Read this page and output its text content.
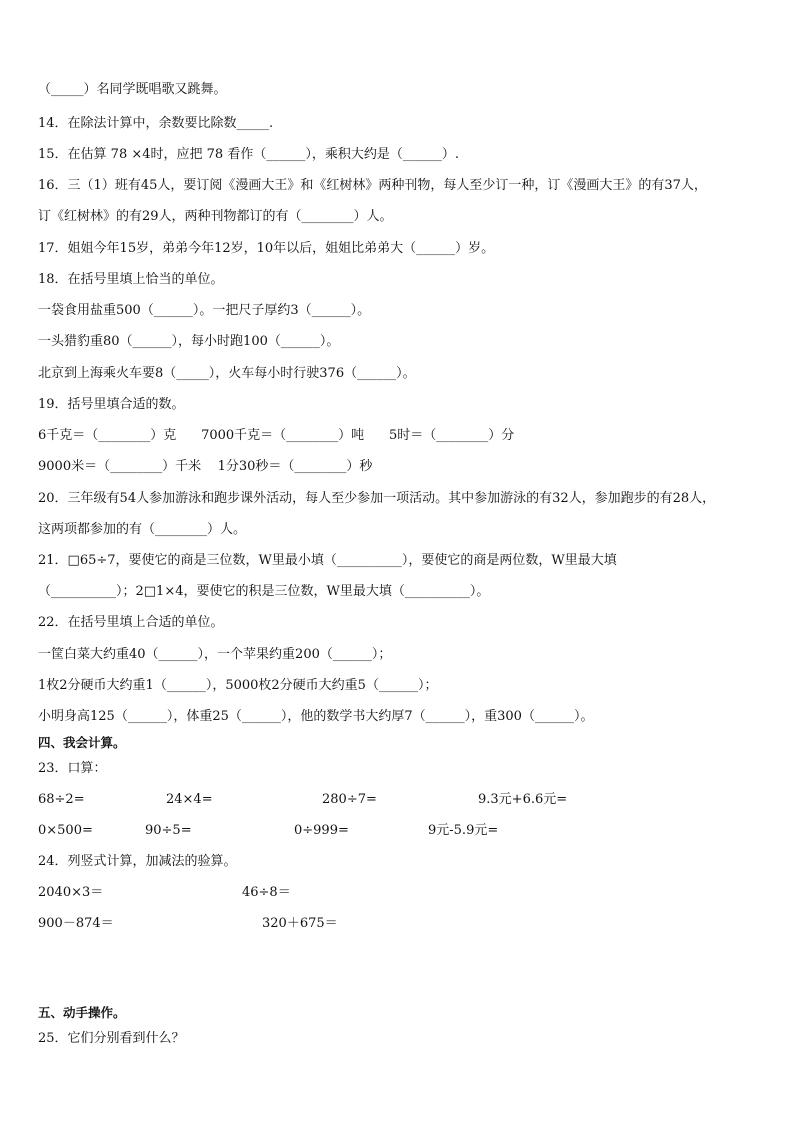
（_____）名同学既唱歌又跳舞。
14．在除法计算中，余数要比除数_____.
15．在估算 78 ×4时，应把 78 看作（______），乘积大约是（______）.
16．三（1）班有45人，要订阅《漫画大王》和《红树林》两种刊物，每人至少订一种，订《漫画大王》的有37人，
订《红树林》的有29人，两种刊物都订的有（________）人。
17．姐姐今年15岁，弟弟今年12岁，10年以后，姐姐比弟弟大（______）岁。
18．在括号里填上恰当的单位。
一袋食用盐重500（______）。一把尺子厚约3（______）。
一头猎豹重80（______），每小时跑100（______）。
北京到上海乘火车要8（_____），火车每小时行驶376（______）。
19．括号里填合适的数。
6千克＝（________）克      7000千克＝（________）吨      5时＝（________）分
9000米＝（________）千米    1分30秒＝（________）秒
20．三年级有54人参加游泳和跑步课外活动，每人至少参加一项活动。其中参加游泳的有32人，参加跑步的有28人，
这两项都参加的有（________）人。
21．□65÷7，要使它的商是三位数，W里最小填（__________），要使它的商是两位数，W里最大填
（__________）；2□1×4，要使它的积是三位数，W里最大填（__________）。
22．在括号里填上合适的单位。
一筐白菜大约重40（______），一个苹果约重200（______）；
1枚2分硬币大约重1（______），5000枚2分硬币大约重5（______）；
小明身高125（______），体重25（______），他的数学书大约厚7（______），重300（______）。
四、我会计算。
23．口算：
68÷2=	24×4=	280÷7=	9.3元+6.6元=
0×500=	90÷5=	0÷999=	9元-5.9元=
24．列竖式计算，加减法的验算。
2040×3＝	46÷8＝
900－874＝	320＋675＝
五、动手操作。
25．它们分别看到什么？
